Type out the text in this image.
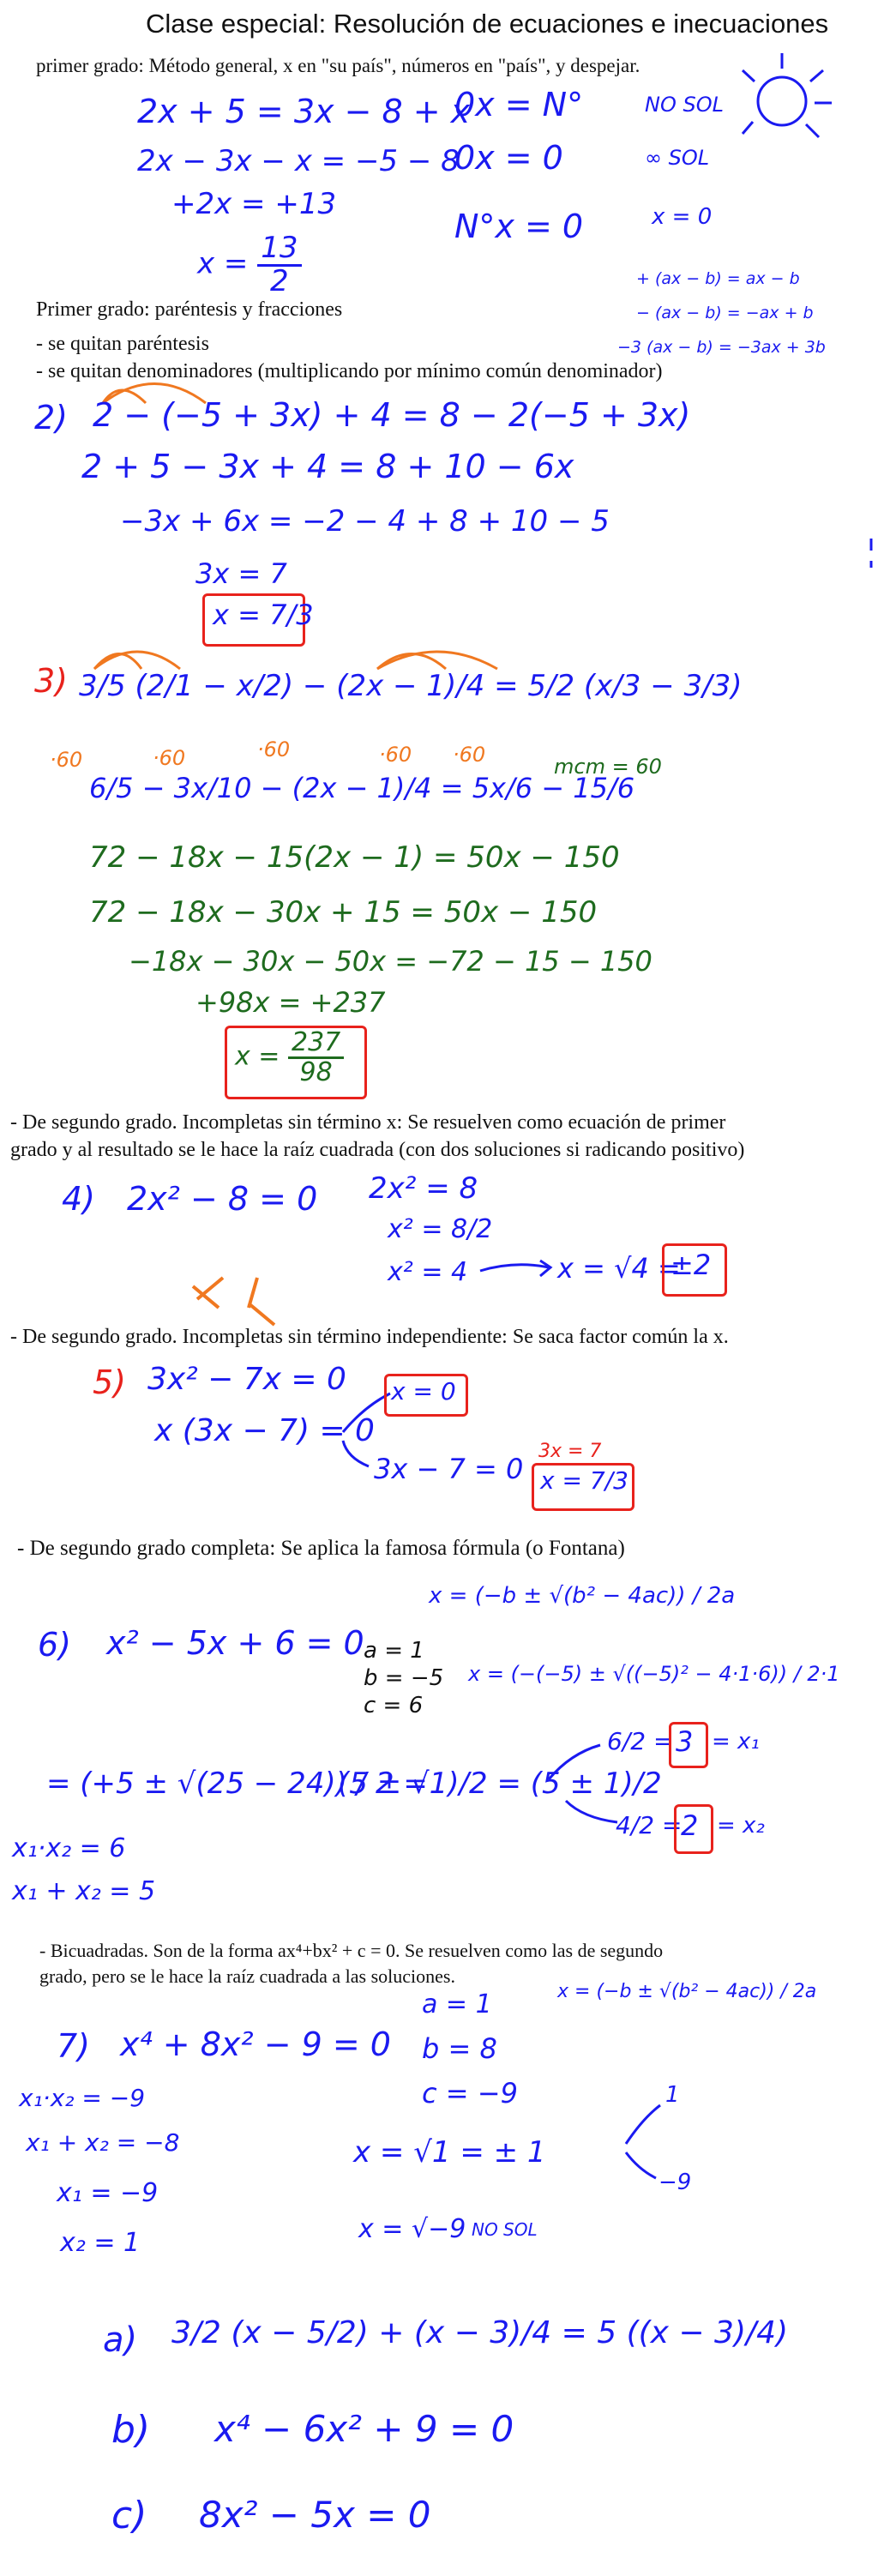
Clase especial: Resolución de ecuaciones e inecuaciones
primer grado: Método general, x en "su país", números en "país", y despejar.
2x + 5 = 3x − 8 + x
2x − 3x − x = −5 − 8
+2x = +13
$x = \frac{13}{2}$
0x = N°	NO SOL
0x = 0	∞ SOL
N°x = 0	x = 0
+ (ax − b) = ax − b
− (ax − b) = −ax + b
−3 (ax − b) = −3ax + 3b
Primer grado: paréntesis y fracciones
- se quitan paréntesis
- se quitan denominadores (multiplicando por mínimo común denominador)
2) 2 − (−5 + 3x) + 4 = 8 − 2(−5 + 3x)
2 + 5 − 3x + 4 = 8 + 10 − 6x
−3x + 6x = −2 − 4 + 8 + 10 − 5
3x = 7
x = 7/3
3) 3/5 (2/1 − x/2) − (2x − 1)/4 = 5/2 (x/3 − 3/3)
·60	·60	·60	·60 ·60
6/5 − 3x/10 − (2x − 1)/4 = 5x/6 − 15/6
mcm = 60
72 − 18x − 15(2x − 1) = 50x − 150
72 − 18x − 30x + 15 = 50x − 150
−18x − 30x − 50x = −72 − 15 − 150
+98x = +237
$x = \frac{237}{98}$
- De segundo grado. Incompletas sin término x: Se resuelven como ecuación de primer
grado y al resultado se le hace la raíz cuadrada (con dos soluciones si radicando positivo)
4) 2x² − 8 = 0 2x² = 8
x² = 8/2
x² = 4	x = √4 =
±2
- De segundo grado. Incompletas sin término independiente: Se saca factor común la x.
5) 3x² − 7x = 0
x (3x − 7) = 0
x = 0
3x − 7 = 0
3x = 7
x = 7/3
- De segundo grado completa: Se aplica la famosa fórmula (o Fontana)
x = (−b ± √(b² − 4ac)) / 2a
6) x² − 5x + 6 = 0 a = 1
b = −5
c = 6
x = (−(−5) ± √((−5)² − 4·1·6)) / 2·1
= (+5 ± √(25 − 24)) / 2 =
(5 ± √1)/2 = (5 ± 1)/2
6/2 = 3 = x₁
4/2 =
2 = x₂
x₁·x₂ = 6
x₁ + x₂ = 5
- Bicuadradas. Son de la forma ax⁴+bx² + c = 0. Se resuelven como las de segundo
grado, pero se le hace la raíz cuadrada a las soluciones.
a = 1	x = (−b ± √(b² − 4ac)) / 2a
7) x⁴ + 8x² − 9 = 0 b = 8
c = −9
x₁·x₂ = −9
x₁ + x₂ = −8
x₁ = −9
x₂ = 1
x = √1 = ± 1
x = √−9 NO SOL
1
−9
a) 3/2 (x − 5/2) + (x − 3)/4 = 5 ((x − 3)/4)
b) x⁴ − 6x² + 9 = 0
c) 8x² − 5x = 0
